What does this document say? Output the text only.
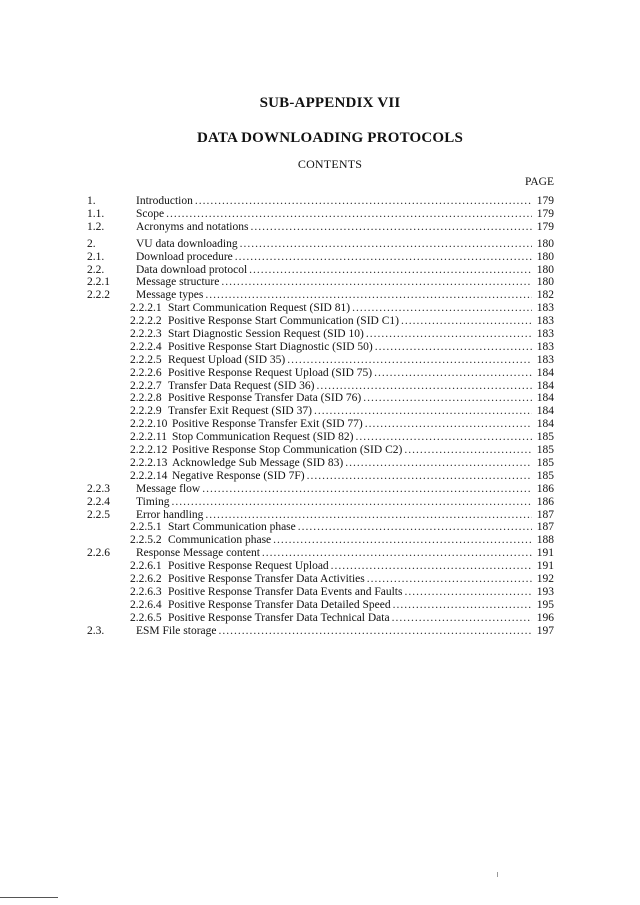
SUB-APPENDIX VII
DATA DOWNLOADING PROTOCOLS
CONTENTS
PAGE
1.	Introduction .....	179
1.1.	Scope .....	179
1.2.	Acronyms and notations .....	179
2.	VU data downloading .....	180
2.1.	Download procedure .....	180
2.2.	Data download protocol .....	180
2.2.1 Message structure .....	180
2.2.2 Message types .....	182
2.2.2.1 Start Communication Request (SID 81) .....	183
2.2.2.2 Positive Response Start Communication (SID C1) .....	183
2.2.2.3 Start Diagnostic Session Request (SID 10) .....	183
2.2.2.4 Positive Response Start Diagnostic (SID 50) .....	183
2.2.2.5 Request Upload (SID 35) .....	183
2.2.2.6 Positive Response Request Upload (SID 75) .....	184
2.2.2.7 Transfer Data Request (SID 36) .....	184
2.2.2.8 Positive Response Transfer Data (SID 76) .....	184
2.2.2.9 Transfer Exit Request (SID 37) .....	184
2.2.2.10 Positive Response Transfer Exit (SID 77) .....	184
2.2.2.11 Stop Communication Request (SID 82) .....	185
2.2.2.12 Positive Response Stop Communication (SID C2) .....	185
2.2.2.13 Acknowledge Sub Message (SID 83) .....	185
2.2.2.14 Negative Response (SID 7F) .....	185
2.2.3 Message flow .....	186
2.2.4 Timing .....	186
2.2.5 Error handling .....	187
2.2.5.1 Start Communication phase .....	187
2.2.5.2 Communication phase .....	188
2.2.6 Response Message content .....	191
2.2.6.1 Positive Response Request Upload .....	191
2.2.6.2 Positive Response Transfer Data Activities .....	192
2.2.6.3 Positive Response Transfer Data Events and Faults .....	193
2.2.6.4 Positive Response Transfer Data Detailed Speed .....	195
2.2.6.5 Positive Response Transfer Data Technical Data .....	196
2.3.	ESM File storage .....	197
